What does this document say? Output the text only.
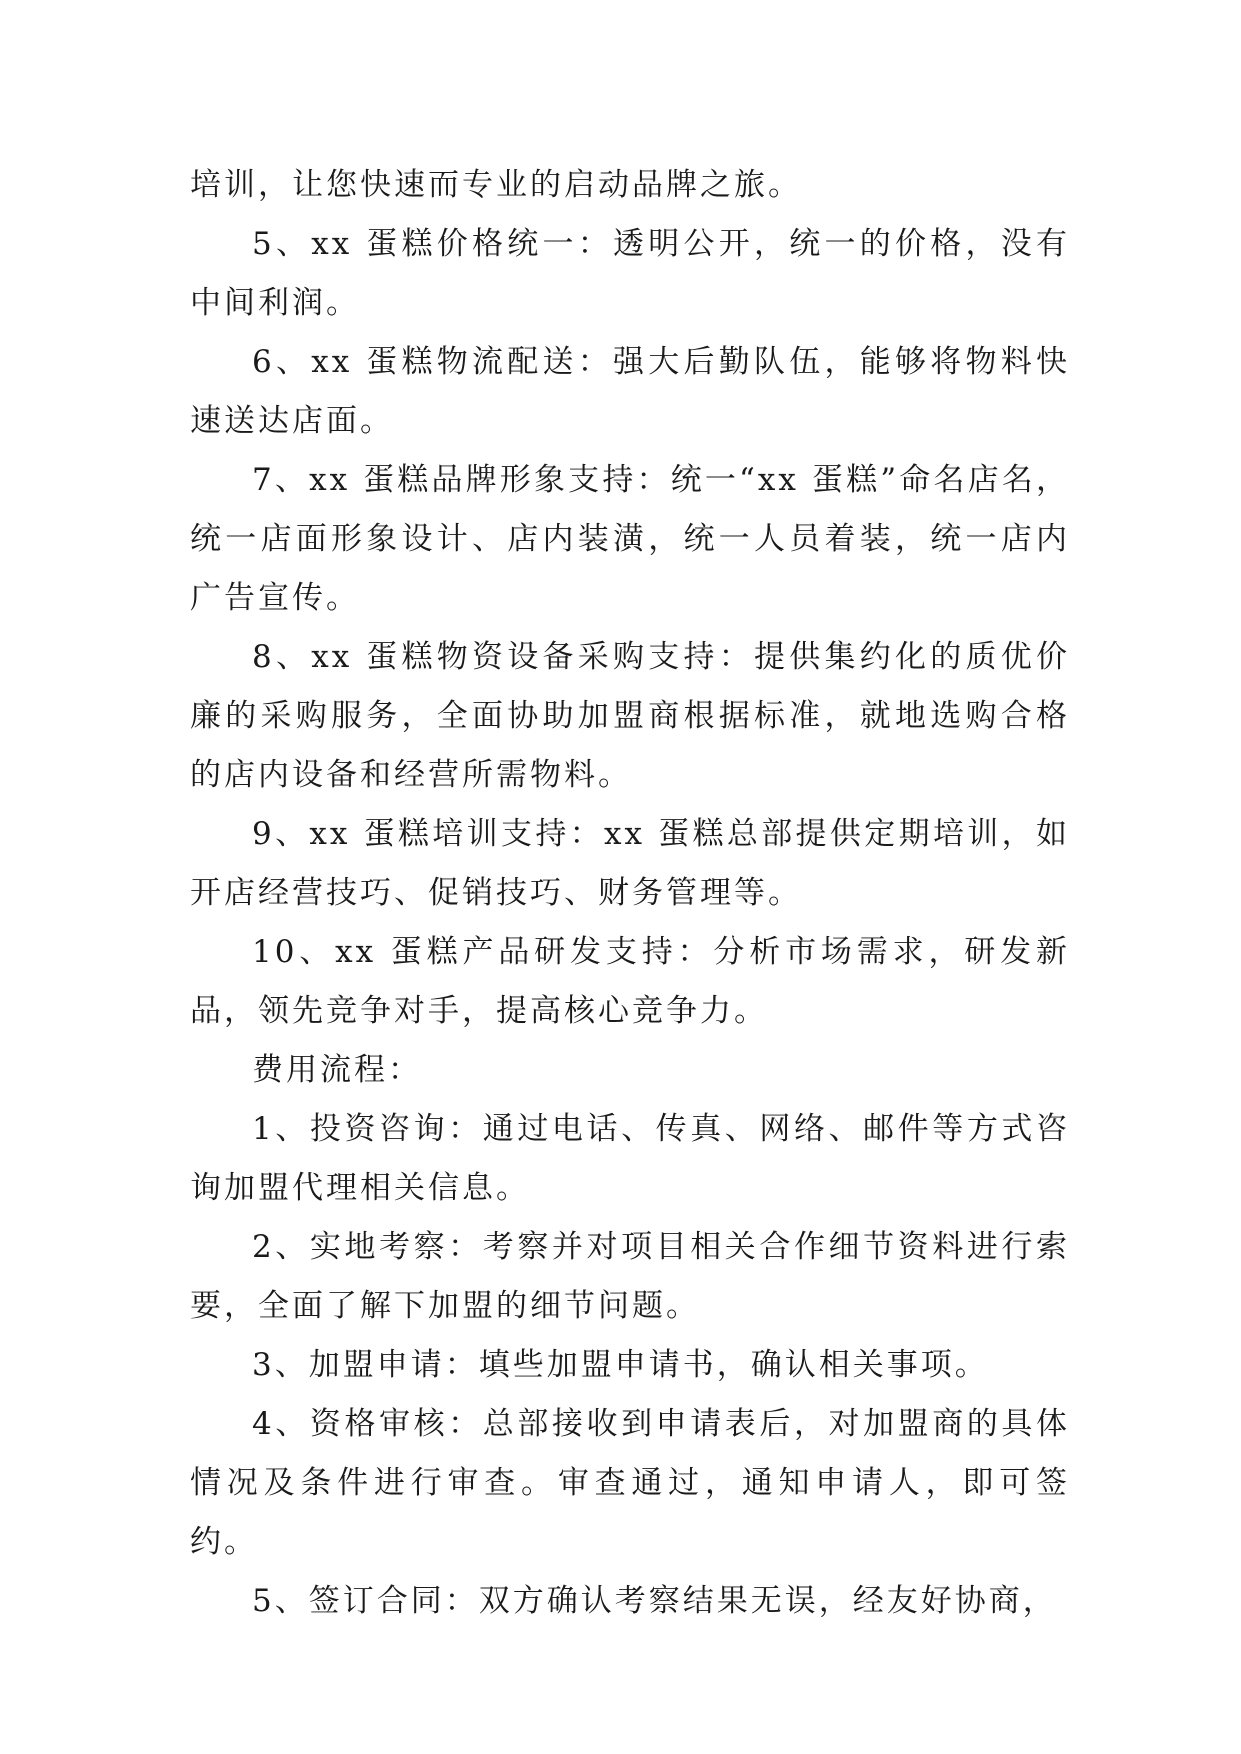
培训，让您快速而专业的启动品牌之旅。

5、xx 蛋糕价格统一：透明公开，统一的价格，没有中间利润。

6、xx 蛋糕物流配送：强大后勤队伍，能够将物料快速送达店面。

7、xx 蛋糕品牌形象支持：统一“xx 蛋糕”命名店名，统一店面形象设计、店内装潢，统一人员着装，统一店内广告宣传。

8、xx 蛋糕物资设备采购支持：提供集约化的质优价廉的采购服务，全面协助加盟商根据标准，就地选购合格的店内设备和经营所需物料。

9、xx 蛋糕培训支持：xx 蛋糕总部提供定期培训，如开店经营技巧、促销技巧、财务管理等。

10、xx 蛋糕产品研发支持：分析市场需求，研发新品，领先竞争对手，提高核心竞争力。

费用流程：

1、投资咨询：通过电话、传真、网络、邮件等方式咨询加盟代理相关信息。

2、实地考察：考察并对项目相关合作细节资料进行索要，全面了解下加盟的细节问题。

3、加盟申请：填些加盟申请书，确认相关事项。

4、资格审核：总部接收到申请表后，对加盟商的具体情况及条件进行审查。审查通过，通知申请人，即可签约。

5、签订合同：双方确认考察结果无误，经友好协商，
